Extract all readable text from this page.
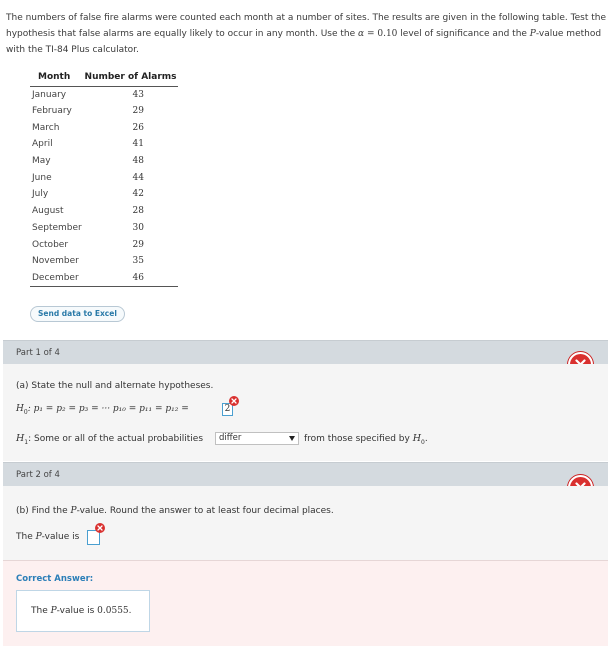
The numbers of false fire alarms were counted each month at a number of sites. The results are given in the following table. Test the hypothesis that false alarms are equally likely to occur in any month. Use the α = 0.10 level of significance and the P-value method with the TI-84 Plus calculator.
Month	Number of Alarms
January	43
February	29
March	26
April	41
May	48
June	44
July	42
August	28
September	30
October	29
November	35
December	46
Send data to Excel
Part 1 of 4
(a) State the null and alternate hypotheses.
$H_0$: p₁ = p₂ = p₃ = ··· p₁₀ = p₁₁ = p₁₂ =	2
$H_1$: Some or all of the actual probabilities	differ	from those specified by $H_0$.
Part 2 of 4
(b) Find the P-value. Round the answer to at least four decimal places.
The P-value is
Correct Answer:
The P-value is 0.0555.
